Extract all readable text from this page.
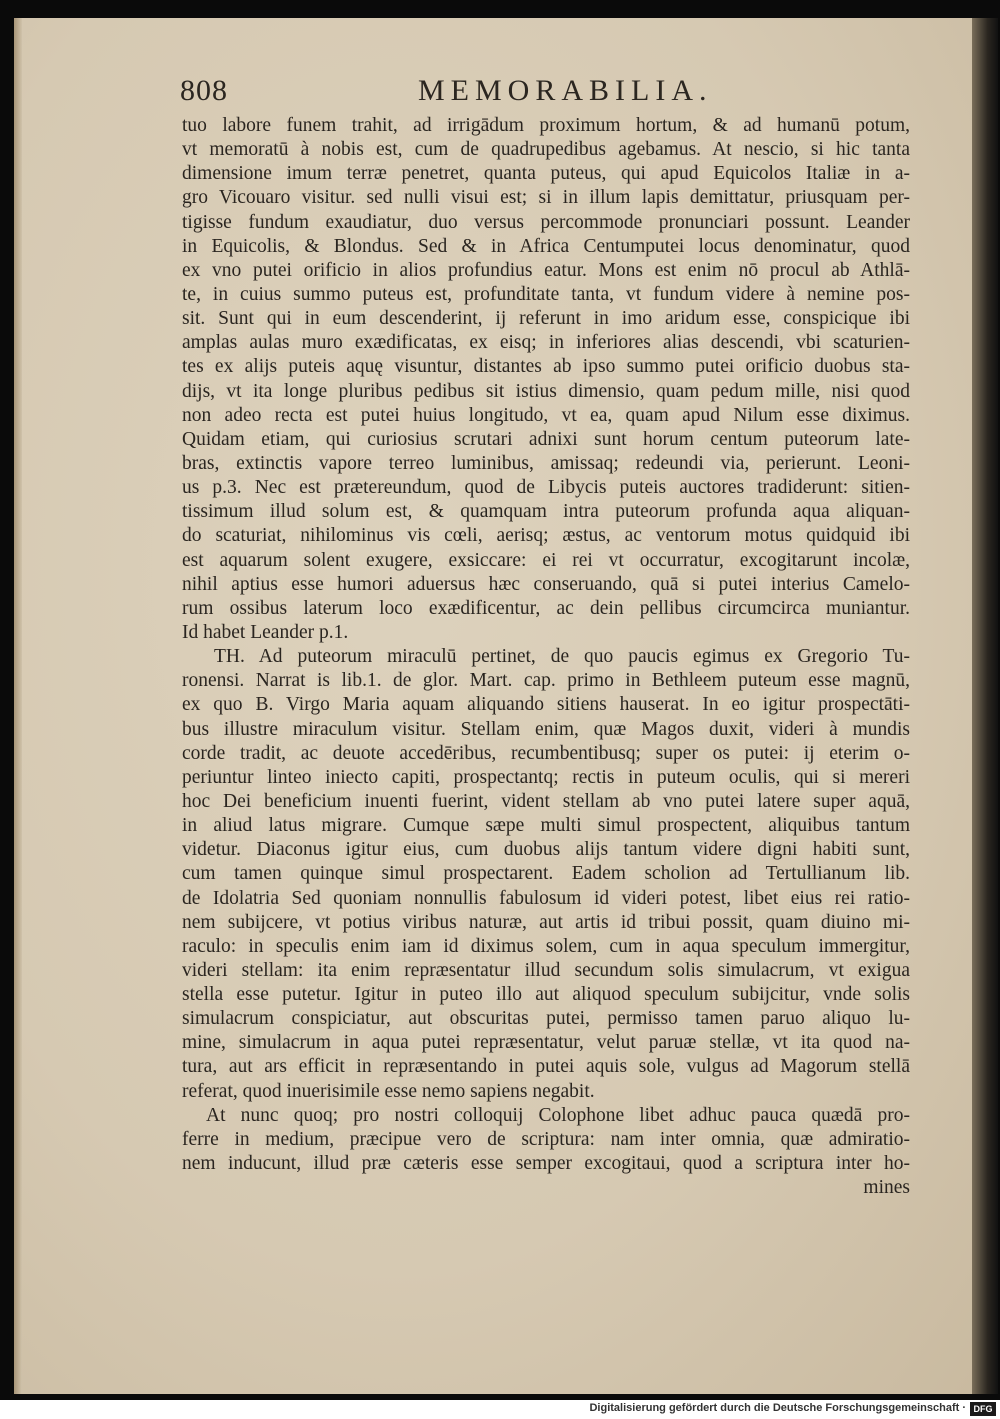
808	MEMORABILIA.
tuo labore funem trahit, ad irrigādum proximum hortum, & ad humanū potum,
vt memoratū à nobis est, cum de quadrupedibus agebamus. At nescio, si hic tanta
dimensione imum terræ penetret, quanta puteus, qui apud Equicolos Italiæ in a-
gro Vicouaro visitur. sed nulli visui est; si in illum lapis demittatur, priusquam per-
tigisse fundum exaudiatur, duo versus percommode pronunciari possunt. Leander
in Equicolis, & Blondus. Sed & in Africa Centumputei locus denominatur, quod
ex vno putei orificio in alios profundius eatur. Mons est enim nō procul ab Athlā-
te, in cuius summo puteus est, profunditate tanta, vt fundum videre à nemine pos-
sit. Sunt qui in eum descenderint, ij referunt in imo aridum esse, conspicique ibi
amplas aulas muro exædificatas, ex eisq; in inferiores alias descendi, vbi scaturien-
tes ex alijs puteis aquę visuntur, distantes ab ipso summo putei orificio duobus sta-
dijs, vt ita longe pluribus pedibus sit istius dimensio, quam pedum mille, nisi quod
non adeo recta est putei huius longitudo, vt ea, quam apud Nilum esse diximus.
Quidam etiam, qui curiosius scrutari adnixi sunt horum centum puteorum late-
bras, extinctis vapore terreo luminibus, amissaq; redeundi via, perierunt. Leoni-
us p.3. Nec est prætereundum, quod de Libycis puteis auctores tradiderunt: sitien-
tissimum illud solum est, & quamquam intra puteorum profunda aqua aliquan-
do scaturiat, nihilominus vis cœli, aerisq; æstus, ac ventorum motus quidquid ibi
est aquarum solent exugere, exsiccare: ei rei vt occurratur, excogitarunt incolæ,
nihil aptius esse humori aduersus hæc conseruando, quā si putei interius Camelo-
rum ossibus laterum loco exædificentur, ac dein pellibus circumcirca muniantur.
Id habet Leander p.1.
TH. Ad puteorum miraculū pertinet, de quo paucis egimus ex Gregorio Tu-
ronensi. Narrat is lib.1. de glor. Mart. cap. primo in Bethleem puteum esse magnū,
ex quo B. Virgo Maria aquam aliquando sitiens hauserat. In eo igitur prospectāti-
bus illustre miraculum visitur. Stellam enim, quæ Magos duxit, videri à mundis
corde tradit, ac deuote accedēribus, recumbentibusq; super os putei: ij eterim o-
periuntur linteo iniecto capiti, prospectantq; rectis in puteum oculis, qui si mereri
hoc Dei beneficium inuenti fuerint, vident stellam ab vno putei latere super aquā,
in aliud latus migrare. Cumque sæpe multi simul prospectent, aliquibus tantum
videtur. Diaconus igitur eius, cum duobus alijs tantum videre digni habiti sunt,
cum tamen quinque simul prospectarent. Eadem scholion ad Tertullianum lib.
de Idolatria Sed quoniam nonnullis fabulosum id videri potest, libet eius rei ratio-
nem subijcere, vt potius viribus naturæ, aut artis id tribui possit, quam diuino mi-
raculo: in speculis enim iam id diximus solem, cum in aqua speculum immergitur,
videri stellam: ita enim repræsentatur illud secundum solis simulacrum, vt exigua
stella esse putetur. Igitur in puteo illo aut aliquod speculum subijcitur, vnde solis
simulacrum conspiciatur, aut obscuritas putei, permisso tamen paruo aliquo lu-
mine, simulacrum in aqua putei repræsentatur, velut paruæ stellæ, vt ita quod na-
tura, aut ars efficit in repræsentando in putei aquis sole, vulgus ad Magorum stellā
referat, quod inuerisimile esse nemo sapiens negabit.
At nunc quoq; pro nostri colloquij Colophone libet adhuc pauca quædā pro-
ferre in medium, præcipue vero de scriptura: nam inter omnia, quæ admiratio-
nem inducunt, illud præ cæteris esse semper excogitaui, quod a scriptura inter ho-
mines
Digitalisierung gefördert durch die Deutsche Forschungsgemeinschaft · DFG
